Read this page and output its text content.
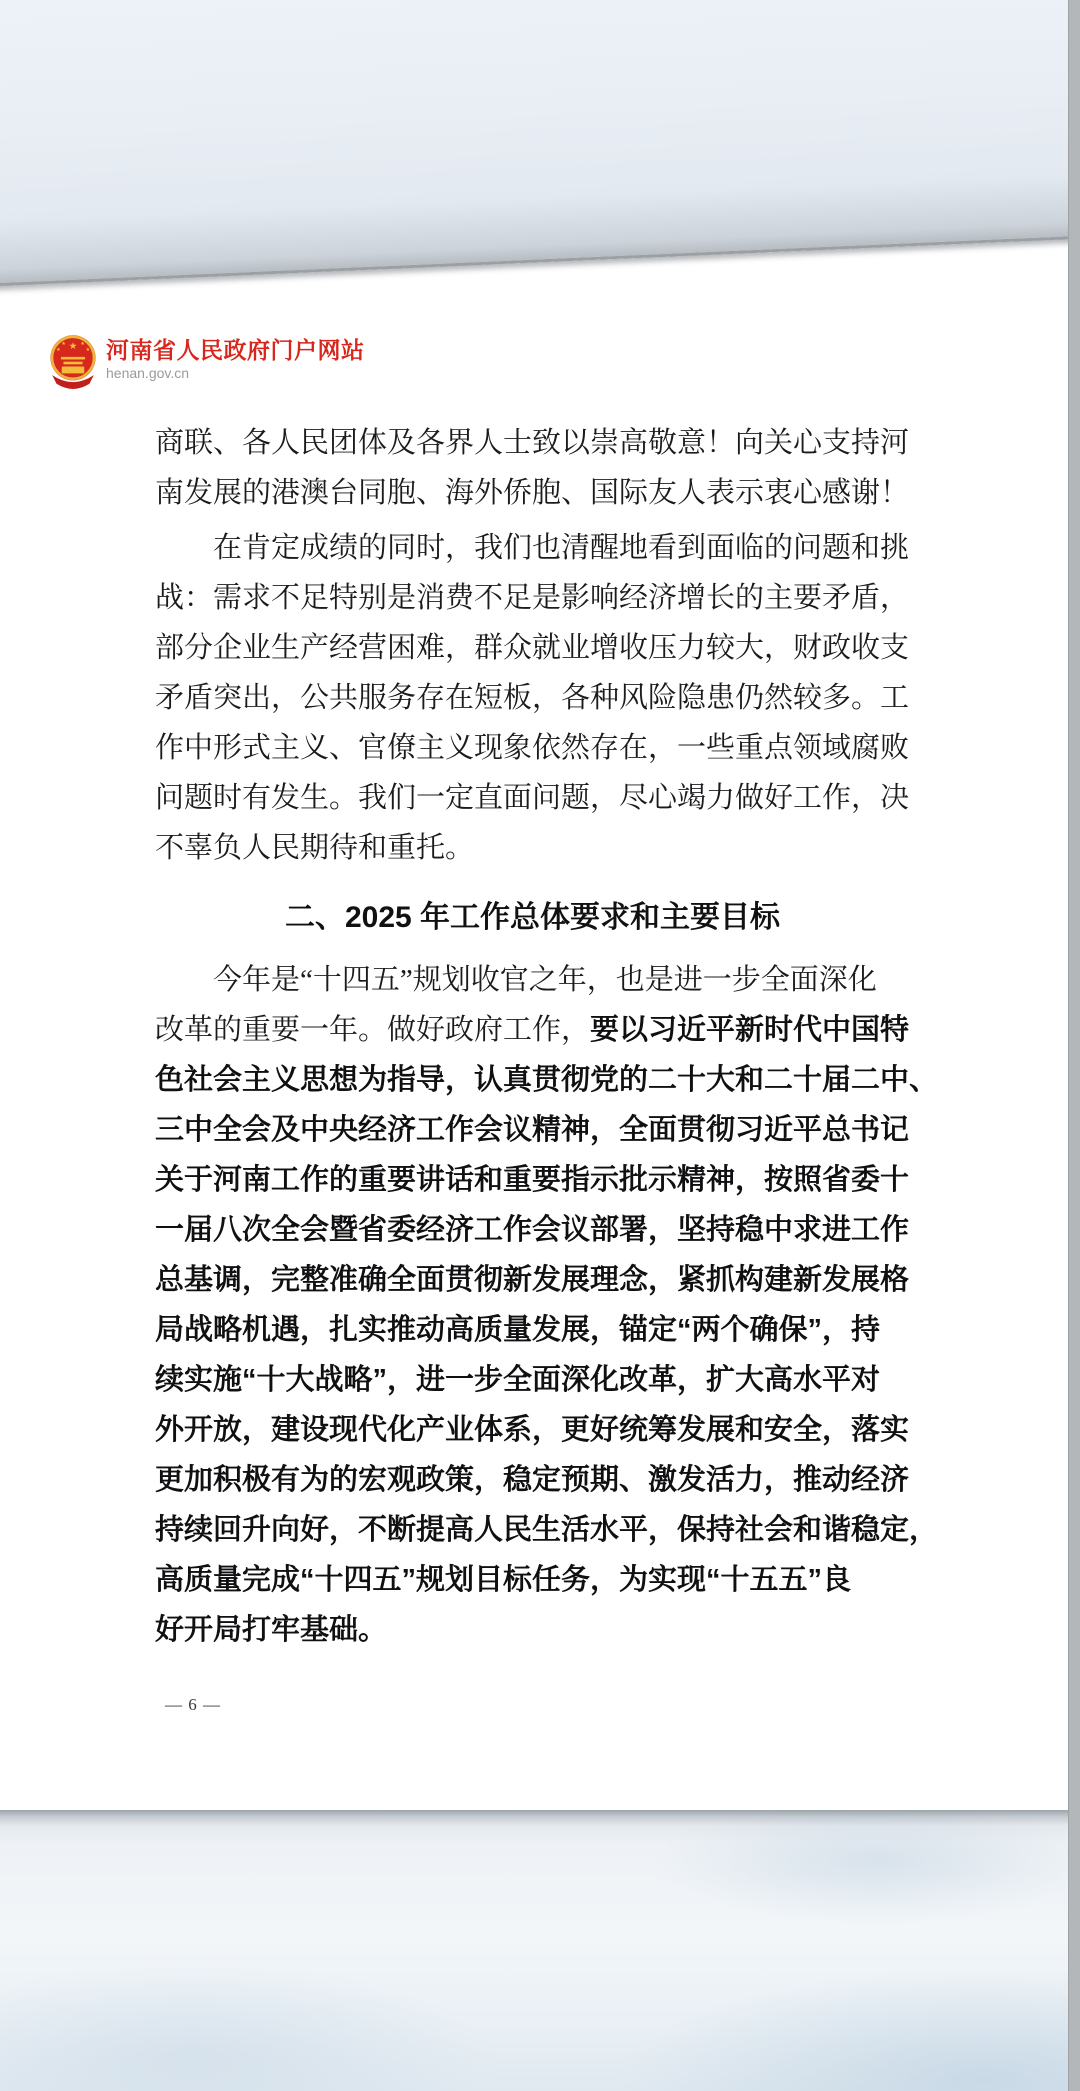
★
★	★
★	★ 河南省人民政府门户网站
henan.gov.cn
商联、各人民团体及各界人士致以崇高敬意！向关心支持河
南发展的港澳台同胞、海外侨胞、国际友人表示衷心感谢！
　　在肯定成绩的同时，我们也清醒地看到面临的问题和挑
战：需求不足特别是消费不足是影响经济增长的主要矛盾，
部分企业生产经营困难，群众就业增收压力较大，财政收支
矛盾突出，公共服务存在短板，各种风险隐患仍然较多。工
作中形式主义、官僚主义现象依然存在，一些重点领域腐败
问题时有发生。我们一定直面问题，尽心竭力做好工作，决
不辜负人民期待和重托。
二、2025 年工作总体要求和主要目标
　　今年是“十四五”规划收官之年，也是进一步全面深化
改革的重要一年。做好政府工作，要以习近平新时代中国特
色社会主义思想为指导，认真贯彻党的二十大和二十届二中、
三中全会及中央经济工作会议精神，全面贯彻习近平总书记
关于河南工作的重要讲话和重要指示批示精神，按照省委十
一届八次全会暨省委经济工作会议部署，坚持稳中求进工作
总基调，完整准确全面贯彻新发展理念，紧抓构建新发展格
局战略机遇，扎实推动高质量发展，锚定“两个确保”，持
续实施“十大战略”，进一步全面深化改革，扩大高水平对
外开放，建设现代化产业体系，更好统筹发展和安全，落实
更加积极有为的宏观政策，稳定预期、激发活力，推动经济
持续回升向好，不断提高人民生活水平，保持社会和谐稳定，
高质量完成“十四五”规划目标任务，为实现“十五五”良
好开局打牢基础。
— 6 —
